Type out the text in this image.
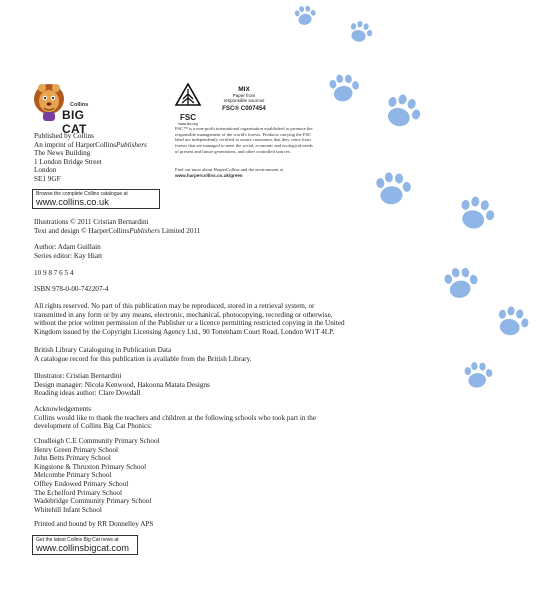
Collins
BIG CAT
Published by Collins
An imprint of HarperCollinsPublishers
The News Building
1 London Bridge Street
London
SE1 9GF
Browse the complete Collins catalogue at
www.collins.co.uk
Illustrations © 2011 Cristian Bernardini
Text and design © HarperCollinsPublishers Limited 2011
Author: Adam Guillain
Series editor: Kay Hiatt
10 9 8 7 6 5 4
ISBN 978-0-00-742207-4
All rights reserved. No part of this publication may be reproduced, stored in a retrieval system, or
transmitted in any form or by any means, electronic, mechanical, photocopying, recording or otherwise,
without the prior written permission of the Publisher or a licence permitting restricted copying in the United
Kingdom issued by the Copyright Licensing Agency Ltd., 90 Tottenham Court Road, London W1T 4LP.
British Library Cataloguing in Publication Data
A catalogue record for this publication is available from the British Library.
Illustrator: Cristian Bernardini
Design manager: Nicola Kenwood, Hakoona Matata Designs
Reading ideas author: Clare Dowdall
Acknowledgements
Collins would like to thank the teachers and children at the following schools who took part in the
development of Collins Big Cat Phonics:
Chudleigh C.E Community Primary School
Henry Green Primary School
John Betts Primary School
Kingstone & Thruxton Primary School
Melcombe Primary School
Offley Endowed Primary School
The Echelford Primary School
Wadebridge Community Primary School
Whitehill Infant School
Printed and bound by RR Donnelley APS
Get the latest Collins Big Cat news at
www.collinsbigcat.com
FSC
www.fsc.org
MIX
Paper from
responsible sources
FSC® C007454
FSC™ is a non-profit international organisation established to promote the
responsible management of the world's forests. Products carrying the FSC
label are independently certified to assure consumers that they come from
forests that are managed to meet the social, economic and ecological needs
of present and future generations, and other controlled sources.
Find out more about HarperCollins and the environment at
www.harpercollins.co.uk/green
